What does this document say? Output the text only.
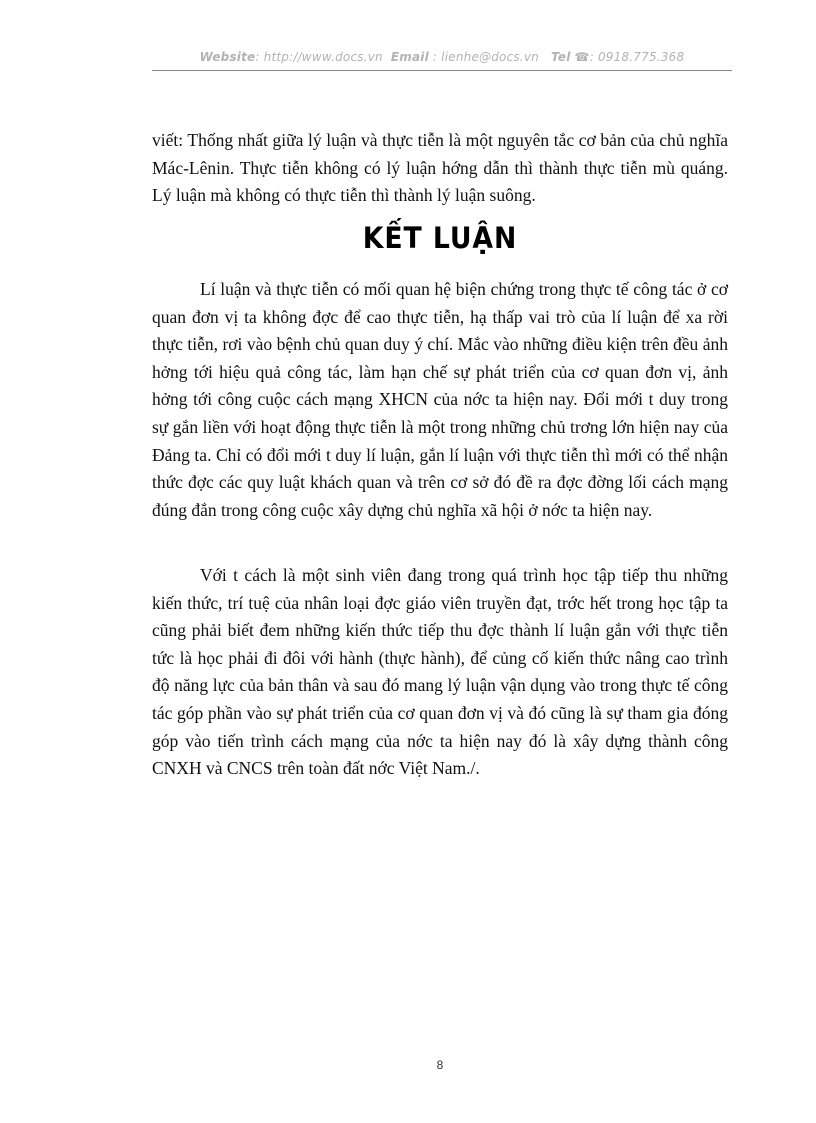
Website: http://www.docs.vn Email : lienhe@docs.vn Tel ☎: 0918.775.368

viết: Thống nhất giữa lý luận và thực tiễn là một nguyên tắc cơ bản của chủ nghĩa Mác-Lênin. Thực tiễn không có lý luận hớng dẫn thì thành thực tiễn mù quáng. Lý luận mà không có thực tiễn thì thành lý luận suông.

KẾT LUẬN

Lí luận và thực tiễn có mối quan hệ biện chứng trong thực tế công tác ở cơ quan đơn vị ta không đợc để cao thực tiễn, hạ thấp vai trò của lí luận để xa rời thực tiễn, rơi vào bệnh chủ quan duy ý chí. Mắc vào những điều kiện trên đều ảnh hởng tới hiệu quả công tác, làm hạn chế sự phát triển của cơ quan đơn vị, ảnh hởng tới công cuộc cách mạng XHCN của nớc ta hiện nay. Đổi mới t duy trong sự gắn liền với hoạt động thực tiễn là một trong những chủ trơng lớn hiện nay của Đảng ta. Chỉ có đổi mới t duy lí luận, gắn lí luận với thực tiễn thì mới có thể nhận thức đợc các quy luật khách quan và trên cơ sở đó đề ra đợc đờng lối cách mạng đúng đắn trong công cuộc xây dựng chủ nghĩa xã hội ở nớc ta hiện nay.

Với t cách là một sinh viên đang trong quá trình học tập tiếp thu những kiến thức, trí tuệ của nhân loại đợc giáo viên truyền đạt, trớc hết trong học tập ta cũng phải biết đem những kiến thức tiếp thu đợc thành lí luận gắn với thực tiễn tức là học phải đi đôi với hành (thực hành), để củng cố kiến thức nâng cao trình độ năng lực của bản thân và sau đó mang lý luận vận dụng vào trong thực tế công tác góp phần vào sự phát triển của cơ quan đơn vị và đó cũng là sự tham gia đóng góp vào tiến trình cách mạng của nớc ta hiện nay đó là xây dựng thành công CNXH và CNCS trên toàn đất nớc Việt Nam./.

8
